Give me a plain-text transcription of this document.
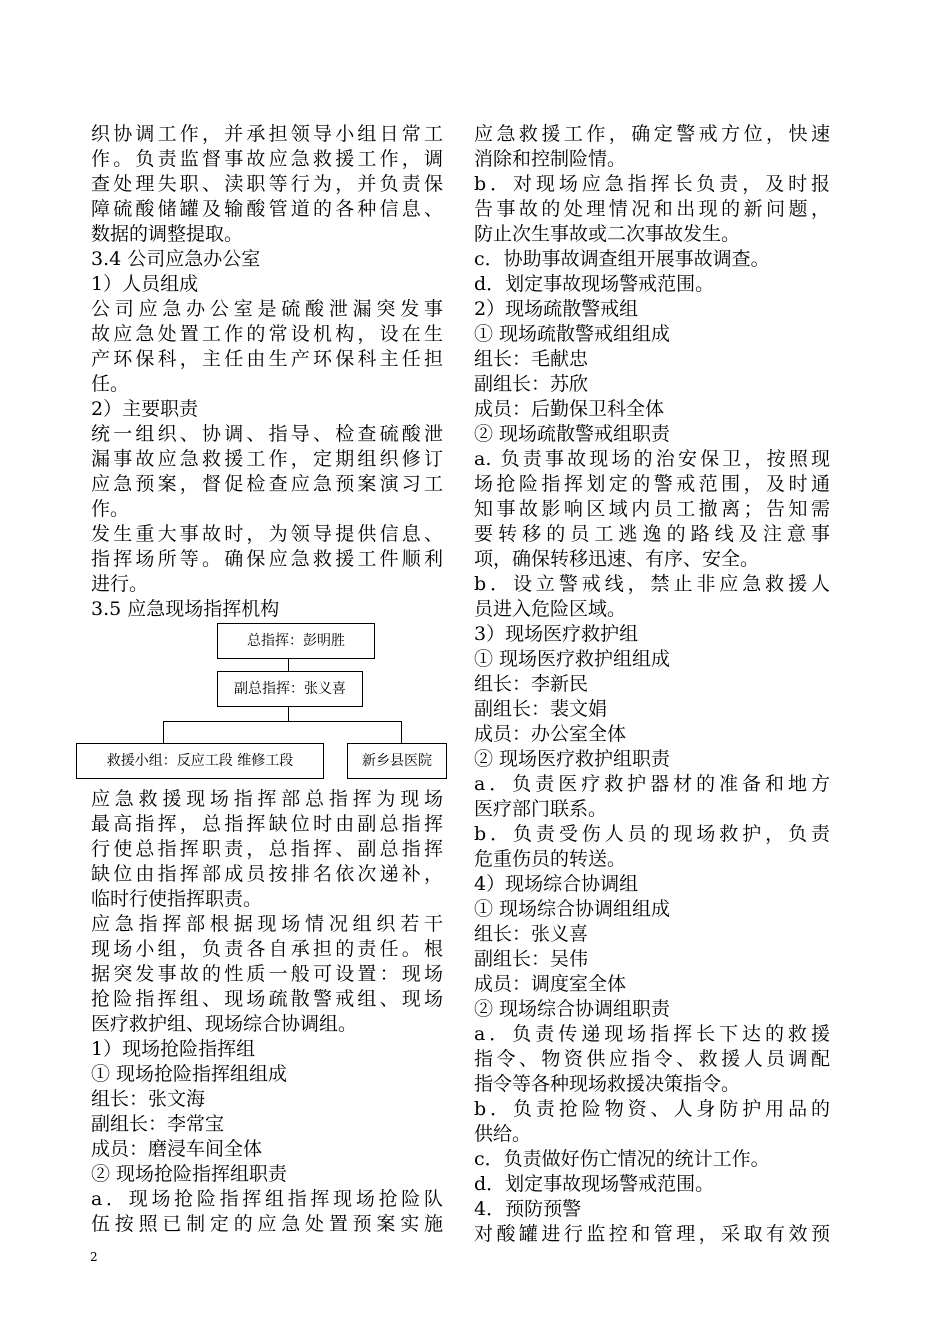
织协调工作，并承担领导小组日常工
作。负责监督事故应急救援工作，调
查处理失职、渎职等行为，并负责保
障硫酸储罐及输酸管道的各种信息、
数据的调整提取。
3.4 公司应急办公室
1）人员组成
公司应急办公室是硫酸泄漏突发事
故应急处置工作的常设机构，设在生
产环保科，主任由生产环保科主任担
任。
2）主要职责
统一组织、协调、指导、检查硫酸泄
漏事故应急救援工作，定期组织修订
应急预案，督促检查应急预案演习工
作。
发生重大事故时，为领导提供信息、
指挥场所等。确保应急救援工件顺利
进行。
3.5 应急现场指挥机构
总指挥：彭明胜
副总指挥：张义喜
救援小组：反应工段 维修工段	新乡县医院
应急救援现场指挥部总指挥为现场
最高指挥，总指挥缺位时由副总指挥
行使总指挥职责，总指挥、副总指挥
缺位由指挥部成员按排名依次递补，
临时行使指挥职责。
应急指挥部根据现场情况组织若干
现场小组，负责各自承担的责任。根
据突发事故的性质一般可设置：现场
抢险指挥组、现场疏散警戒组、现场
医疗救护组、现场综合协调组。
1）现场抢险指挥组
① 现场抢险指挥组组成
组长：张文海
副组长：李常宝
成员：磨浸车间全体
② 现场抢险指挥组职责
a．现场抢险指挥组指挥现场抢险队
伍按照已制定的应急处置预案实施
应急救援工作，确定警戒方位，快速
消除和控制险情。
b．对现场应急指挥长负责，及时报
告事故的处理情况和出现的新问题，
防止次生事故或二次事故发生。
c．协助事故调查组开展事故调查。
d．划定事故现场警戒范围。
2）现场疏散警戒组
① 现场疏散警戒组组成
组长：毛献忠
副组长：苏欣
成员：后勤保卫科全体
② 现场疏散警戒组职责
a. 负责事故现场的治安保卫，按照现
场抢险指挥划定的警戒范围，及时通
知事故影响区域内员工撤离；告知需
要转移的员工逃逸的路线及注意事
项，确保转移迅速、有序、安全。
b．设立警戒线，禁止非应急救援人
员进入危险区域。
3）现场医疗救护组
① 现场医疗救护组组成
组长：李新民
副组长：裴文娟
成员：办公室全体
② 现场医疗救护组职责
a．负责医疗救护器材的准备和地方
医疗部门联系。
b．负责受伤人员的现场救护，负责
危重伤员的转送。
4）现场综合协调组
① 现场综合协调组组成
组长：张义喜
副组长：吴伟
成员：调度室全体
② 现场综合协调组职责
a．负责传递现场指挥长下达的救援
指令、物资供应指令、救援人员调配
指令等各种现场救援决策指令。
b．负责抢险物资、人身防护用品的
供给。
c．负责做好伤亡情况的统计工作。
d．划定事故现场警戒范围。
4．预防预警
对酸罐进行监控和管理，采取有效预
2
